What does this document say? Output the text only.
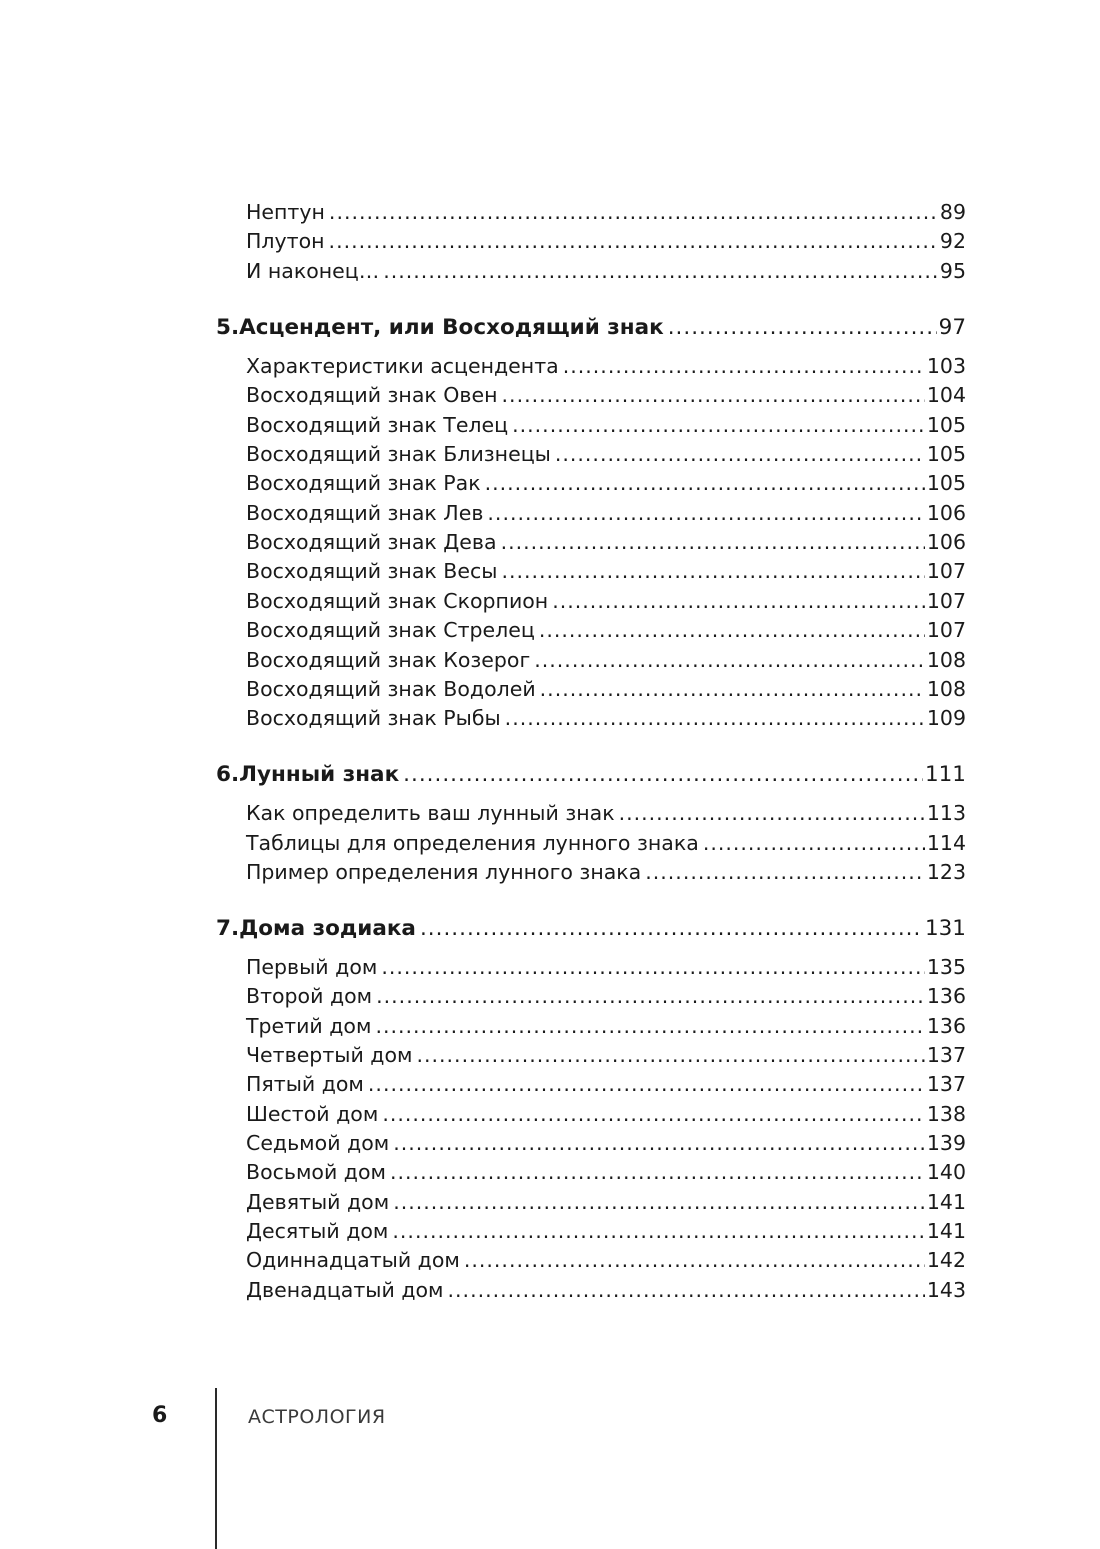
Нептун .....	89
Плутон .....	92
И наконец… .....	95
5. Асцендент, или Восходящий знак .....	97
Характеристики асцендента .....	103
Восходящий знак Овен .....	104
Восходящий знак Телец .....	105
Восходящий знак Близнецы .....	105
Восходящий знак Рак .....	105
Восходящий знак Лев .....	106
Восходящий знак Дева .....	106
Восходящий знак Весы .....	107
Восходящий знак Скорпион .....	107
Восходящий знак Стрелец .....	107
Восходящий знак Козерог .....	108
Восходящий знак Водолей .....	108
Восходящий знак Рыбы .....	109
6. Лунный знак .....	111
Как определить ваш лунный знак .....	113
Таблицы для определения лунного знака .....	114
Пример определения лунного знака .....	123
7. Дома зодиака .....	131
Первый дом .....	135
Второй дом .....	136
Третий дом .....	136
Четвертый дом .....	137
Пятый дом .....	137
Шестой дом .....	138
Седьмой дом .....	139
Восьмой дом .....	140
Девятый дом .....	141
Десятый дом .....	141
Одиннадцатый дом .....	142
Двенадцатый дом .....	143
6	АСТРОЛОГИЯ
